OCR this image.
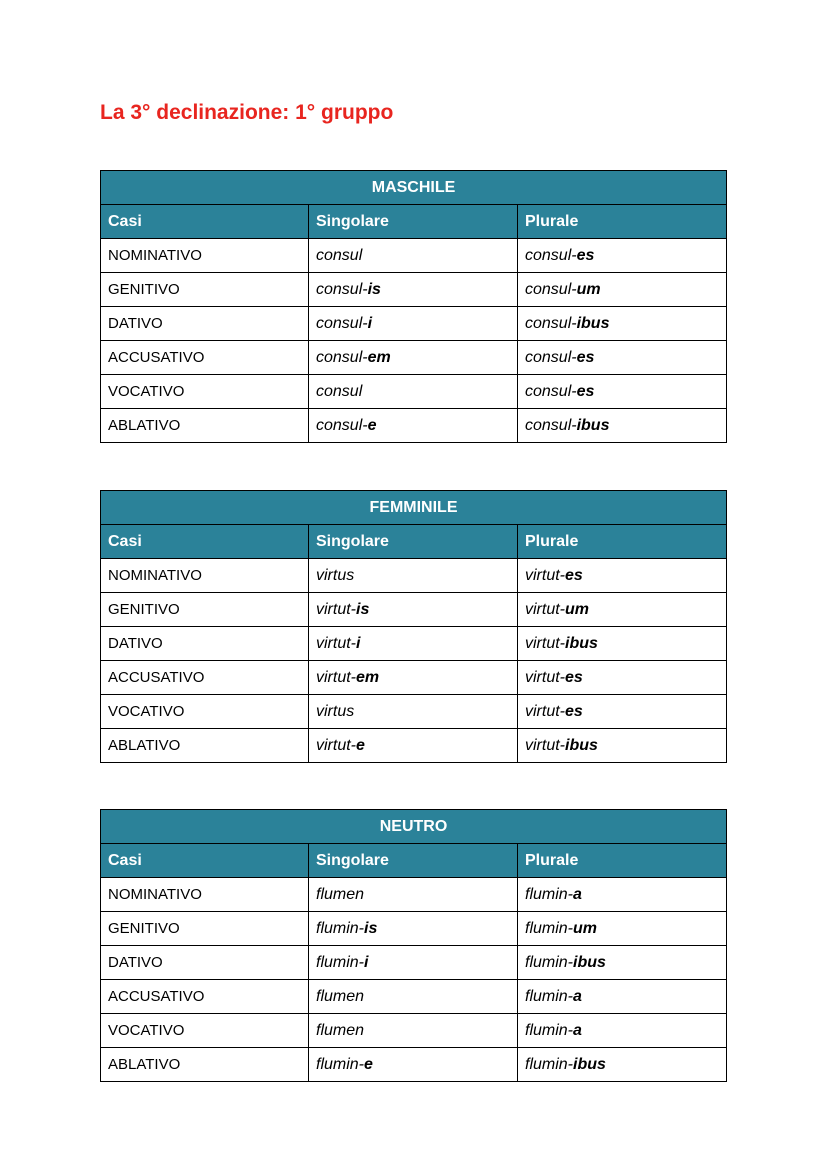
La 3° declinazione: 1° gruppo
MASCHILE		
Casi	Singolare	Plurale
NOMINATIVO	consul	consul-es
GENITIVO	consul-is	consul-um
DATIVO	consul-i	consul-ibus
ACCUSATIVO	consul-em	consul-es
VOCATIVO	consul	consul-es
ABLATIVO	consul-e	consul-ibus
FEMMINILE		
Casi	Singolare	Plurale
NOMINATIVO	virtus	virtut-es
GENITIVO	virtut-is	virtut-um
DATIVO	virtut-i	virtut-ibus
ACCUSATIVO	virtut-em	virtut-es
VOCATIVO	virtus	virtut-es
ABLATIVO	virtut-e	virtut-ibus
NEUTRO		
Casi	Singolare	Plurale
NOMINATIVO	flumen	flumin-a
GENITIVO	flumin-is	flumin-um
DATIVO	flumin-i	flumin-ibus
ACCUSATIVO	flumen	flumin-a
VOCATIVO	flumen	flumin-a
ABLATIVO	flumin-e	flumin-ibus
